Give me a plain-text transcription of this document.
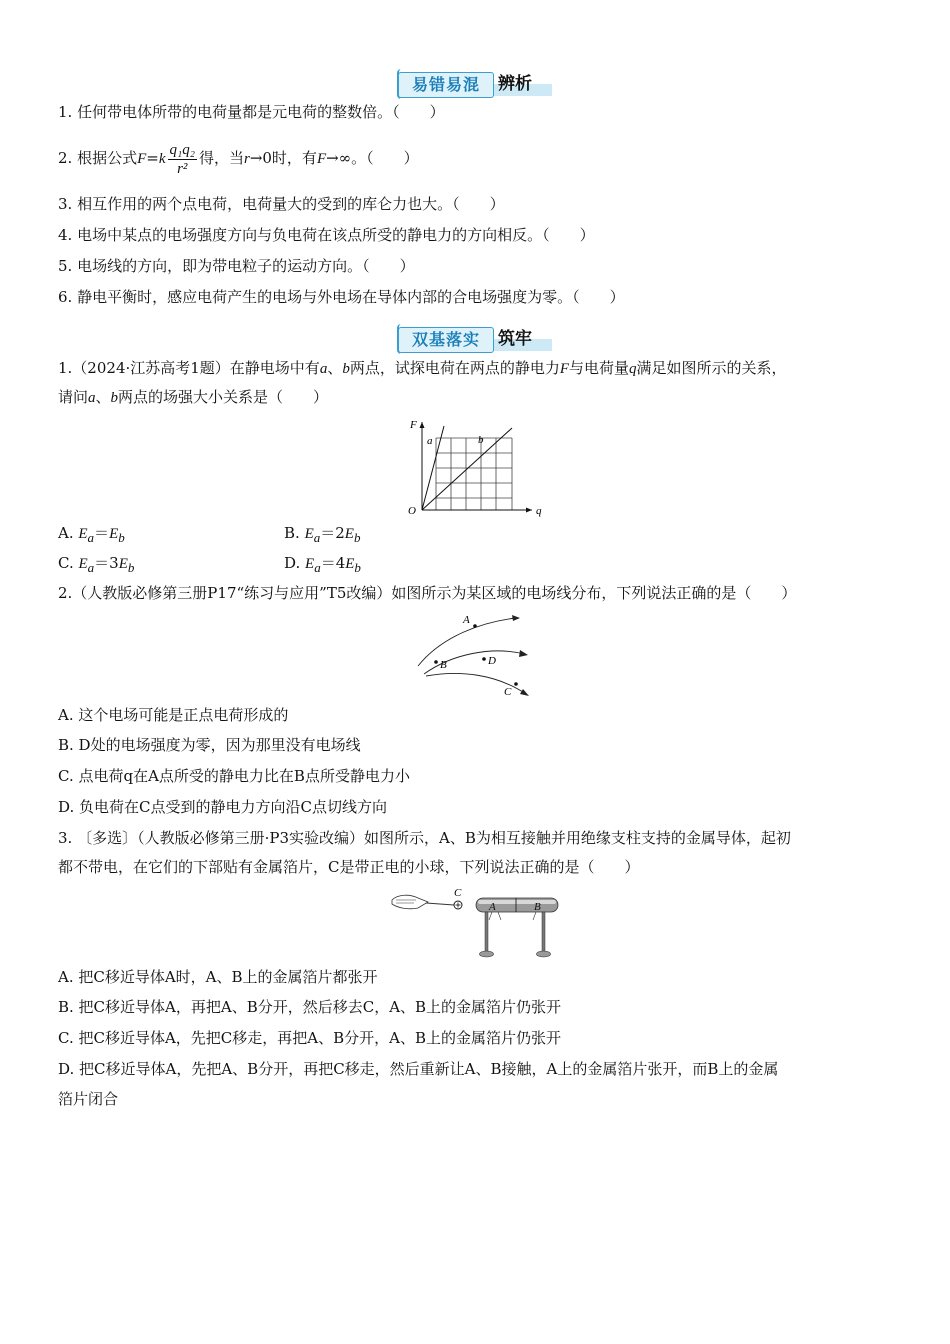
易错易混	辨析
1. 任何带电体所带的电荷量都是元电荷的整数倍。（　　）
2. 根据公式$F=k \frac{\text{q₁q₂}}{\text{r²}}$ 得，当r→0时，有F→∞。（　　）
3. 相互作用的两个点电荷，电荷量大的受到的库仑力也大。（　　）
4. 电场中某点的电场强度方向与负电荷在该点所受的静电力的方向相反。（　　）
5. 电场线的方向，即为带电粒子的运动方向。（　　）
6. 静电平衡时，感应电荷产生的电场与外电场在导体内部的合电场强度为零。（　　）
双基落实	筑牢
1.（2024·江苏高考1题）在静电场中有a、b两点，试探电荷在两点的静电力F与电荷量q满足如图所示的关系，
请问a、b两点的场强大小关系是（　　）
F
q
O
a	b
A. $E_a=E_b$	B. $E_a=2E_b$
C. $E_a=3E_b$	D. $E_a=4E_b$
2.（人教版必修第三册P17“练习与应用”T5改编）如图所示为某区域的电场线分布，下列说法正确的是（　　）
A
B	D
C
A. 这个电场可能是正点电荷形成的
B. D处的电场强度为零，因为那里没有电场线
C. 点电荷q在A点所受的静电力比在B点所受静电力小
D. 负电荷在C点受到的静电力方向沿C点切线方向
3. 〔多选〕（人教版必修第三册·P3实验改编）如图所示，A、B为相互接触并用绝缘支柱支持的金属导体，起初
都不带电，在它们的下部贴有金属箔片，C是带正电的小球，下列说法正确的是（　　）
C
A	B
A. 把C移近导体A时，A、B上的金属箔片都张开
B. 把C移近导体A，再把A、B分开，然后移去C，A、B上的金属箔片仍张开
C. 把C移近导体A，先把C移走，再把A、B分开，A、B上的金属箔片仍张开
D. 把C移近导体A，先把A、B分开，再把C移走，然后重新让A、B接触，A上的金属箔片张开，而B上的金属
箔片闭合
